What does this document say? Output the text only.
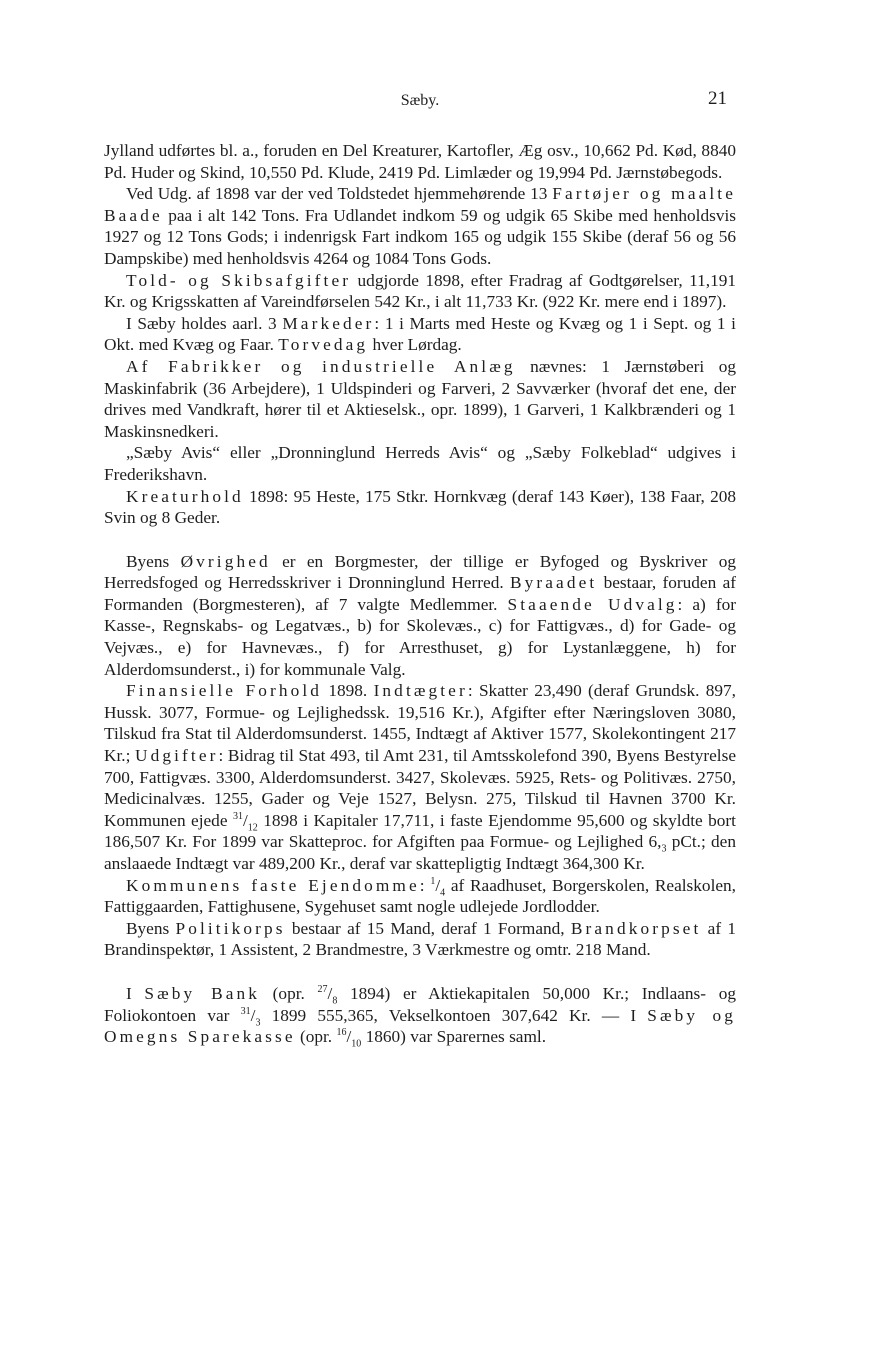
Sæby.	21

Jylland udførtes bl. a., foruden en Del Kreaturer, Kartofler, Æg osv., 10,662 Pd. Kød, 8840 Pd. Huder og Skind, 10,550 Pd. Klude, 2419 Pd. Limlæder og 19,994 Pd. Jærnstøbegods.

Ved Udg. af 1898 var der ved Toldstedet hjemmehørende 13 Fartøjer og maalte Baade paa i alt 142 Tons. Fra Udlandet indkom 59 og udgik 65 Skibe med henholdsvis 1927 og 12 Tons Gods; i indenrigsk Fart indkom 165 og udgik 155 Skibe (deraf 56 og 56 Dampskibe) med henholdsvis 4264 og 1084 Tons Gods.

Told- og Skibsafgifter udgjorde 1898, efter Fradrag af Godtgørelser, 11,191 Kr. og Krigsskatten af Vareindførselen 542 Kr., i alt 11,733 Kr. (922 Kr. mere end i 1897).

I Sæby holdes aarl. 3 Markeder: 1 i Marts med Heste og Kvæg og 1 i Sept. og 1 i Okt. med Kvæg og Faar. Torvedag hver Lørdag.

Af Fabrikker og industrielle Anlæg nævnes: 1 Jærnstøberi og Maskinfabrik (36 Arbejdere), 1 Uldspinderi og Farveri, 2 Savværker (hvoraf det ene, der drives med Vandkraft, hører til et Aktieselsk., opr. 1899), 1 Garveri, 1 Kalkbrænderi og 1 Maskinsnedkeri.

„Sæby Avis“ eller „Dronninglund Herreds Avis“ og „Sæby Folkeblad“ udgives i Frederikshavn.

Kreaturhold 1898: 95 Heste, 175 Stkr. Hornkvæg (deraf 143 Køer), 138 Faar, 208 Svin og 8 Geder.

Byens Øvrighed er en Borgmester, der tillige er Byfoged og Byskriver og Herredsfoged og Herredsskriver i Dronninglund Herred. Byraadet bestaar, foruden af Formanden (Borgmesteren), af 7 valgte Medlemmer. Staaende Udvalg: a) for Kasse-, Regnskabs- og Legatvæs., b) for Skolevæs., c) for Fattigvæs., d) for Gade- og Vejvæs., e) for Havnevæs., f) for Arresthuset, g) for Lystanlæggene, h) for Alderdomsunderst., i) for kommunale Valg.

Finansielle Forhold 1898. Indtægter: Skatter 23,490 (deraf Grundsk. 897, Hussk. 3077, Formue- og Lejlighedssk. 19,516 Kr.), Afgifter efter Næringsloven 3080, Tilskud fra Stat til Alderdomsunderst. 1455, Indtægt af Aktiver 1577, Skolekontingent 217 Kr.; Udgifter: Bidrag til Stat 493, til Amt 231, til Amtsskolefond 390, Byens Bestyrelse 700, Fattigvæs. 3300, Alderdomsunderst. 3427, Skolevæs. 5925, Rets- og Politivæs. 2750, Medicinalvæs. 1255, Gader og Veje 1527, Belysn. 275, Tilskud til Havnen 3700 Kr. Kommunen ejede $^{31}/_{12}$ 1898 i Kapitaler 17,711, i faste Ejendomme 95,600 og skyldte bort 186,507 Kr. For 1899 var Skatteproc. for Afgiften paa Formue- og Lejlighed $6,_3$ pCt.; den anslaaede Indtægt var 489,200 Kr., deraf var skattepligtig Indtægt 364,300 Kr.

Kommunens faste Ejendomme: $^1/_4$ af Raadhuset, Borgerskolen, Realskolen, Fattiggaarden, Fattighusene, Sygehuset samt nogle udlejede Jordlodder.

Byens Politikorps bestaar af 15 Mand, deraf 1 Formand, Brandkorpset af 1 Brandinspektør, 1 Assistent, 2 Brandmestre, 3 Værkmestre og omtr. 218 Mand.

I Sæby Bank (opr. $^{27}/_8$ 1894) er Aktiekapitalen 50,000 Kr.; Indlaans- og Foliokontoen var $^{31}/_3$ 1899 555,365, Vekselkontoen 307,642 Kr. — I Sæby og Omegns Sparekasse (opr. $^{16}/_{10}$ 1860) var Sparernes saml.
